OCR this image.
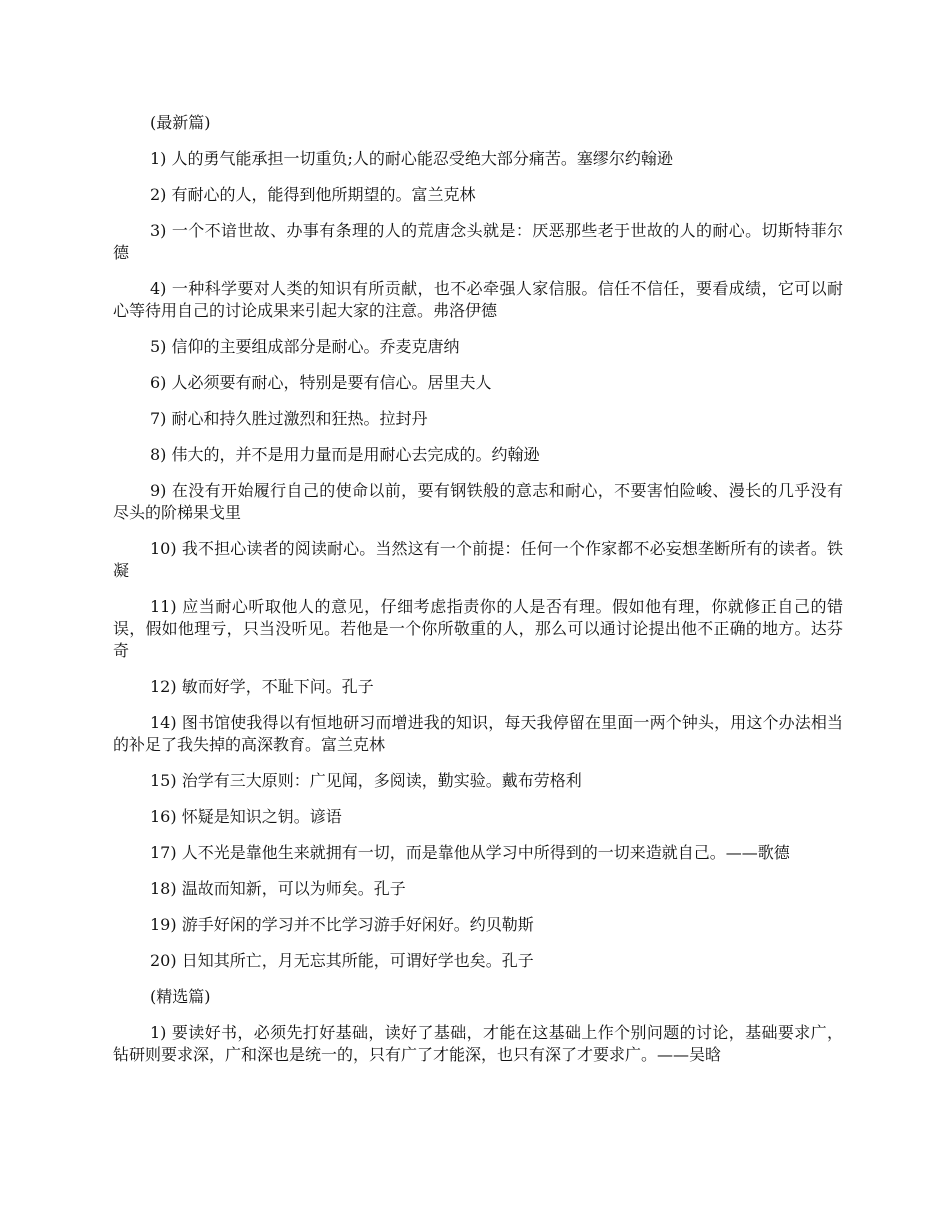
(最新篇)

1) 人的勇气能承担一切重负;人的耐心能忍受绝大部分痛苦。塞缪尔约翰逊

2) 有耐心的人，能得到他所期望的。富兰克林

3) 一个不谙世故、办事有条理的人的荒唐念头就是：厌恶那些老于世故的人的耐心。切斯特菲尔德

4) 一种科学要对人类的知识有所贡献，也不必牵强人家信服。信任不信任，要看成绩，它可以耐心等待用自己的讨论成果来引起大家的注意。弗洛伊德

5) 信仰的主要组成部分是耐心。乔麦克唐纳

6) 人必须要有耐心，特别是要有信心。居里夫人

7) 耐心和持久胜过激烈和狂热。拉封丹

8) 伟大的，并不是用力量而是用耐心去完成的。约翰逊

9) 在没有开始履行自己的使命以前，要有钢铁般的意志和耐心，不要害怕险峻、漫长的几乎没有尽头的阶梯果戈里

10) 我不担心读者的阅读耐心。当然这有一个前提：任何一个作家都不必妄想垄断所有的读者。铁凝

11) 应当耐心听取他人的意见，仔细考虑指责你的人是否有理。假如他有理，你就修正自己的错误，假如他理亏，只当没听见。若他是一个你所敬重的人，那么可以通讨论提出他不正确的地方。达芬奇

12) 敏而好学，不耻下问。孔子

14) 图书馆使我得以有恒地研习而增进我的知识，每天我停留在里面一两个钟头，用这个办法相当的补足了我失掉的高深教育。富兰克林

15) 治学有三大原则：广见闻，多阅读，勤实验。戴布劳格利

16) 怀疑是知识之钥。谚语

17) 人不光是靠他生来就拥有一切，而是靠他从学习中所得到的一切来造就自己。——歌德

18) 温故而知新，可以为师矣。孔子

19) 游手好闲的学习并不比学习游手好闲好。约贝勒斯

20) 日知其所亡，月无忘其所能，可谓好学也矣。孔子

(精选篇)

1) 要读好书，必须先打好基础，读好了基础，才能在这基础上作个别问题的讨论，基础要求广，钻研则要求深，广和深也是统一的，只有广了才能深，也只有深了才要求广。——吴晗
